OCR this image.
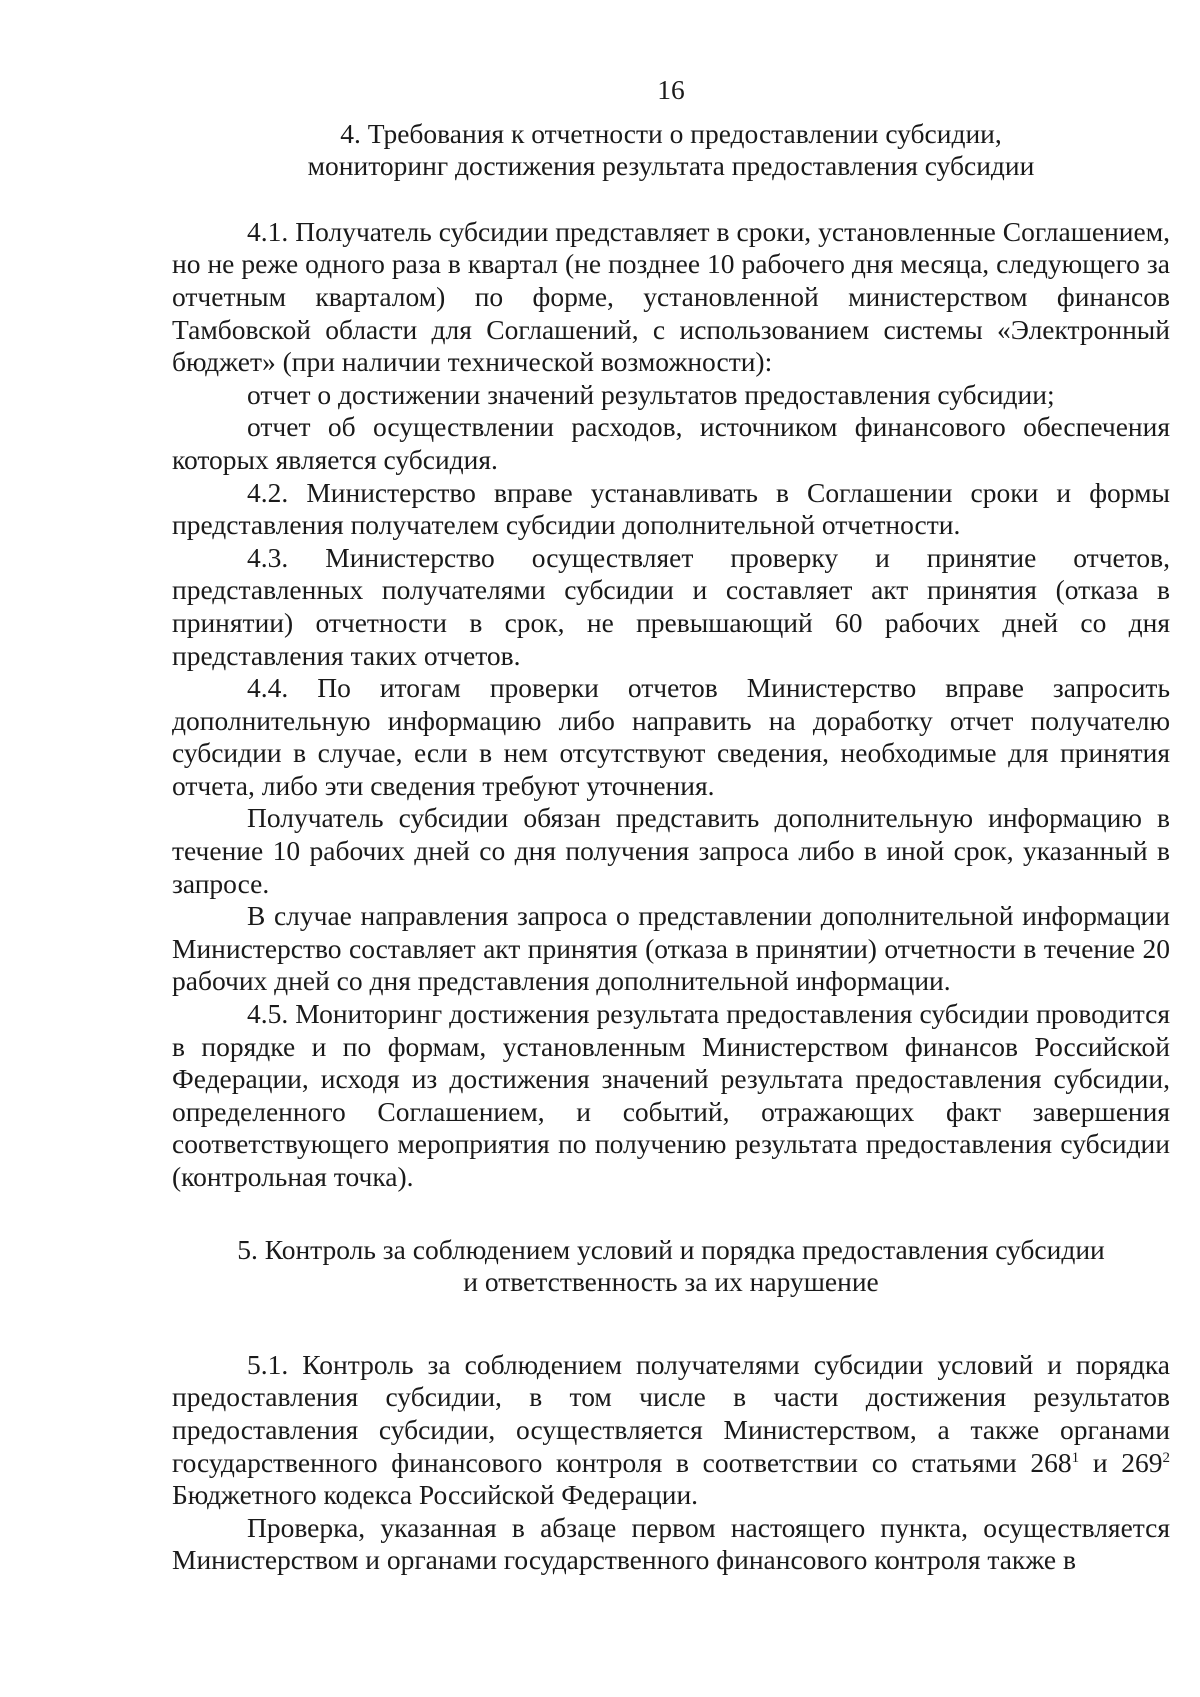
16
4. Требования к отчетности о предоставлении субсидии,
мониторинг достижения результата предоставления субсидии

4.1. Получатель субсидии представляет в сроки, установленные Соглашением, но не реже одного раза в квартал (не позднее 10 рабочего дня месяца, следующего за отчетным кварталом) по форме, установленной министерством финансов Тамбовской области для Соглашений, с использованием системы «Электронный бюджет» (при наличии технической возможности):

отчет о достижении значений результатов предоставления субсидии;

отчет об осуществлении расходов, источником финансового обеспечения которых является субсидия.

4.2. Министерство вправе устанавливать в Соглашении сроки и формы представления получателем субсидии дополнительной отчетности.

4.3. Министерство осуществляет проверку и принятие отчетов, представленных получателями субсидии и составляет акт принятия (отказа в принятии) отчетности в срок, не превышающий 60 рабочих дней со дня представления таких отчетов.

4.4. По итогам проверки отчетов Министерство вправе запросить дополнительную информацию либо направить на доработку отчет получателю субсидии в случае, если в нем отсутствуют сведения, необходимые для принятия отчета, либо эти сведения требуют уточнения.

Получатель субсидии обязан представить дополнительную информацию в течение 10 рабочих дней со дня получения запроса либо в иной срок, указанный в запросе.

В случае направления запроса о представлении дополнительной информации Министерство составляет акт принятия (отказа в принятии) отчетности в течение 20 рабочих дней со дня представления дополнительной информации.

4.5. Мониторинг достижения результата предоставления субсидии проводится в порядке и по формам, установленным Министерством финансов Российской Федерации, исходя из достижения значений результата предоставления субсидии, определенного Соглашением, и событий, отражающих факт завершения соответствующего мероприятия по получению результата предоставления субсидии (контрольная точка).

5. Контроль за соблюдением условий и порядка предоставления субсидии
и ответственность за их нарушение

5.1. Контроль за соблюдением получателями субсидии условий и порядка предоставления субсидии, в том числе в части достижения результатов предоставления субсидии, осуществляется Министерством, а также органами государственного финансового контроля в соответствии со статьями $268^1$ и $269^2$ Бюджетного кодекса Российской Федерации.

Проверка, указанная в абзаце первом настоящего пункта, осуществляется Министерством и органами государственного финансового контроля также в
